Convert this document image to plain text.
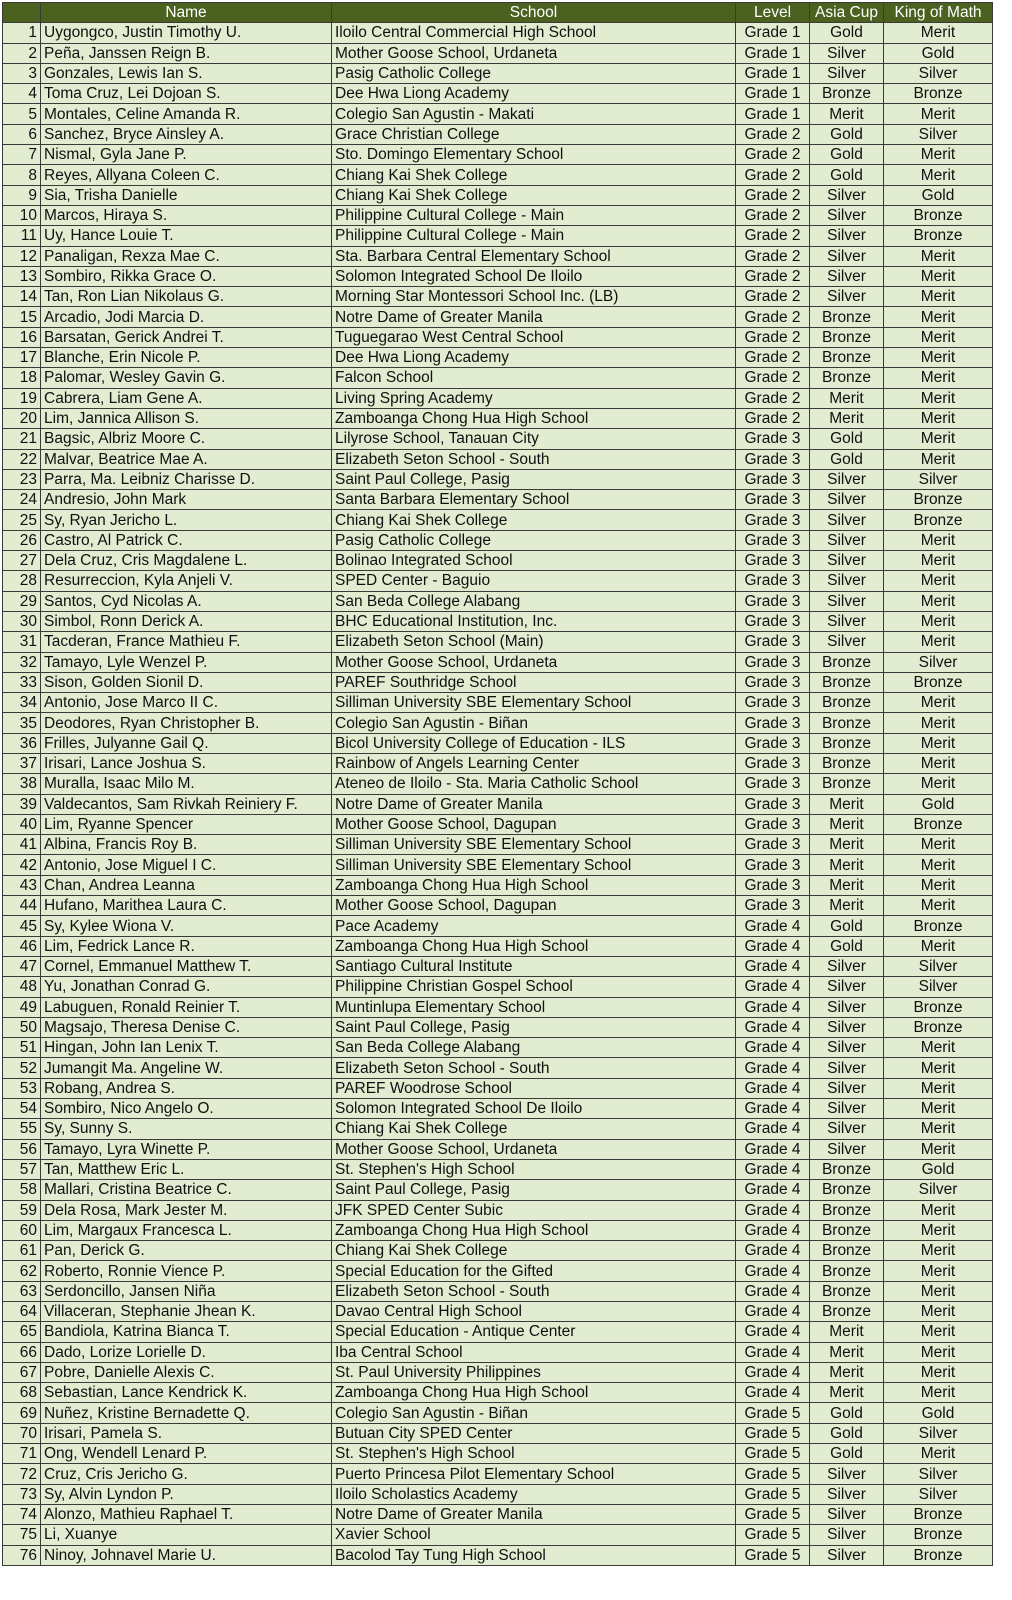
	Name	School	Level	Asia Cup	King of Math
1	Uygongco, Justin Timothy U.	Iloilo Central Commercial High School	Grade 1	Gold	Merit
2	Peña, Janssen Reign B.	Mother Goose School, Urdaneta	Grade 1	Silver	Gold
3	Gonzales, Lewis Ian S.	Pasig Catholic College	Grade 1	Silver	Silver
4	Toma Cruz, Lei Dojoan S.	Dee Hwa Liong Academy	Grade 1	Bronze	Bronze
5	Montales, Celine Amanda R.	Colegio San Agustin - Makati	Grade 1	Merit	Merit
6	Sanchez, Bryce Ainsley A.	Grace Christian College	Grade 2	Gold	Silver
7	Nismal, Gyla Jane P.	Sto. Domingo Elementary School	Grade 2	Gold	Merit
8	Reyes, Allyana Coleen C.	Chiang Kai Shek College	Grade 2	Gold	Merit
9	Sia, Trisha Danielle	Chiang Kai Shek College	Grade 2	Silver	Gold
10	Marcos, Hiraya S.	Philippine Cultural College - Main	Grade 2	Silver	Bronze
11	Uy, Hance Louie T.	Philippine Cultural College - Main	Grade 2	Silver	Bronze
12	Panaligan, Rexza Mae C.	Sta. Barbara Central Elementary School	Grade 2	Silver	Merit
13	Sombiro, Rikka Grace O.	Solomon Integrated School De Iloilo	Grade 2	Silver	Merit
14	Tan, Ron Lian Nikolaus G.	Morning Star Montessori School Inc. (LB)	Grade 2	Silver	Merit
15	Arcadio, Jodi Marcia D.	Notre Dame of Greater Manila	Grade 2	Bronze	Merit
16	Barsatan, Gerick Andrei T.	Tuguegarao West Central School	Grade 2	Bronze	Merit
17	Blanche, Erin Nicole P.	Dee Hwa Liong Academy	Grade 2	Bronze	Merit
18	Palomar, Wesley Gavin G.	Falcon School	Grade 2	Bronze	Merit
19	Cabrera, Liam Gene A.	Living Spring Academy	Grade 2	Merit	Merit
20	Lim, Jannica Allison S.	Zamboanga Chong Hua High School	Grade 2	Merit	Merit
21	Bagsic, Albriz Moore C.	Lilyrose School, Tanauan City	Grade 3	Gold	Merit
22	Malvar, Beatrice Mae A.	Elizabeth Seton School - South	Grade 3	Gold	Merit
23	Parra, Ma. Leibniz Charisse D.	Saint Paul College, Pasig	Grade 3	Silver	Silver
24	Andresio, John Mark	Santa Barbara Elementary School	Grade 3	Silver	Bronze
25	Sy, Ryan Jericho L.	Chiang Kai Shek College	Grade 3	Silver	Bronze
26	Castro, Al Patrick C.	Pasig Catholic College	Grade 3	Silver	Merit
27	Dela Cruz, Cris Magdalene L.	Bolinao Integrated School	Grade 3	Silver	Merit
28	Resurreccion, Kyla Anjeli V.	SPED Center - Baguio	Grade 3	Silver	Merit
29	Santos, Cyd Nicolas A.	San Beda College Alabang	Grade 3	Silver	Merit
30	Simbol, Ronn Derick A.	BHC Educational Institution, Inc.	Grade 3	Silver	Merit
31	Tacderan, France Mathieu F.	Elizabeth Seton School (Main)	Grade 3	Silver	Merit
32	Tamayo, Lyle Wenzel P.	Mother Goose School, Urdaneta	Grade 3	Bronze	Silver
33	Sison, Golden Sionil D.	PAREF Southridge School	Grade 3	Bronze	Bronze
34	Antonio, Jose Marco II C.	Silliman University SBE Elementary School	Grade 3	Bronze	Merit
35	Deodores, Ryan Christopher B.	Colegio San Agustin - Biñan	Grade 3	Bronze	Merit
36	Frilles, Julyanne Gail Q.	Bicol University College of Education - ILS	Grade 3	Bronze	Merit
37	Irisari, Lance Joshua S.	Rainbow of Angels Learning Center	Grade 3	Bronze	Merit
38	Muralla, Isaac Milo M.	Ateneo de Iloilo - Sta. Maria Catholic School	Grade 3	Bronze	Merit
39	Valdecantos, Sam Rivkah Reiniery F.	Notre Dame of Greater Manila	Grade 3	Merit	Gold
40	Lim, Ryanne Spencer	Mother Goose School, Dagupan	Grade 3	Merit	Bronze
41	Albina, Francis Roy B.	Silliman University SBE Elementary School	Grade 3	Merit	Merit
42	Antonio, Jose Miguel I C.	Silliman University SBE Elementary School	Grade 3	Merit	Merit
43	Chan, Andrea Leanna	Zamboanga Chong Hua High School	Grade 3	Merit	Merit
44	Hufano, Marithea Laura C.	Mother Goose School, Dagupan	Grade 3	Merit	Merit
45	Sy, Kylee Wiona V.	Pace Academy	Grade 4	Gold	Bronze
46	Lim, Fedrick Lance R.	Zamboanga Chong Hua High School	Grade 4	Gold	Merit
47	Cornel, Emmanuel Matthew T.	Santiago Cultural Institute	Grade 4	Silver	Silver
48	Yu, Jonathan Conrad G.	Philippine Christian Gospel School	Grade 4	Silver	Silver
49	Labuguen, Ronald Reinier T.	Muntinlupa Elementary School	Grade 4	Silver	Bronze
50	Magsajo, Theresa Denise C.	Saint Paul College, Pasig	Grade 4	Silver	Bronze
51	Hingan, John Ian Lenix T.	San Beda College Alabang	Grade 4	Silver	Merit
52	Jumangit Ma. Angeline W.	Elizabeth Seton School - South	Grade 4	Silver	Merit
53	Robang, Andrea S.	PAREF Woodrose School	Grade 4	Silver	Merit
54	Sombiro, Nico Angelo O.	Solomon Integrated School De Iloilo	Grade 4	Silver	Merit
55	Sy, Sunny S.	Chiang Kai Shek College	Grade 4	Silver	Merit
56	Tamayo, Lyra Winette P.	Mother Goose School, Urdaneta	Grade 4	Silver	Merit
57	Tan, Matthew Eric L.	St. Stephen's High School	Grade 4	Bronze	Gold
58	Mallari, Cristina Beatrice C.	Saint Paul College, Pasig	Grade 4	Bronze	Silver
59	Dela Rosa, Mark Jester M.	JFK SPED Center Subic	Grade 4	Bronze	Merit
60	Lim, Margaux Francesca L.	Zamboanga Chong Hua High School	Grade 4	Bronze	Merit
61	Pan, Derick G.	Chiang Kai Shek College	Grade 4	Bronze	Merit
62	Roberto, Ronnie Vience P.	Special Education for the Gifted	Grade 4	Bronze	Merit
63	Serdoncillo, Jansen Niña	Elizabeth Seton School - South	Grade 4	Bronze	Merit
64	Villaceran, Stephanie Jhean K.	Davao Central High School	Grade 4	Bronze	Merit
65	Bandiola, Katrina Bianca T.	Special Education - Antique Center	Grade 4	Merit	Merit
66	Dado, Lorize Lorielle D.	Iba Central School	Grade 4	Merit	Merit
67	Pobre, Danielle Alexis C.	St. Paul University Philippines	Grade 4	Merit	Merit
68	Sebastian, Lance Kendrick K.	Zamboanga Chong Hua High School	Grade 4	Merit	Merit
69	Nuñez, Kristine Bernadette Q.	Colegio San Agustin - Biñan	Grade 5	Gold	Gold
70	Irisari, Pamela S.	Butuan City SPED Center	Grade 5	Gold	Silver
71	Ong, Wendell Lenard P.	St. Stephen's High School	Grade 5	Gold	Merit
72	Cruz, Cris Jericho G.	Puerto Princesa Pilot Elementary School	Grade 5	Silver	Silver
73	Sy, Alvin Lyndon P.	Iloilo Scholastics Academy	Grade 5	Silver	Silver
74	Alonzo, Mathieu Raphael T.	Notre Dame of Greater Manila	Grade 5	Silver	Bronze
75	Li, Xuanye	Xavier School	Grade 5	Silver	Bronze
76	Ninoy, Johnavel Marie U.	Bacolod Tay Tung High School	Grade 5	Silver	Bronze
